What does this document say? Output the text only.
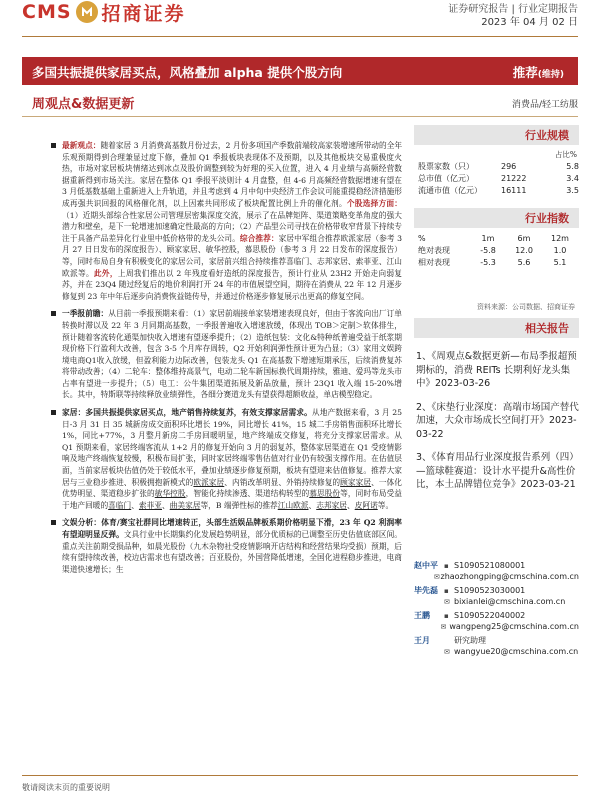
CMS 招商证券	证券研究报告 | 行业定期报告
2023 年 04 月 02 日
多国共振提供家居买点，风格叠加 alpha 提供个股方向	推荐(维持)
周观点&数据更新	消费品/轻工纺服
最新观点：随着家居 3 月消费高基数月份过去，2 月份多项国产季数前端较高家装增速所带动的全年乐观预期得到合理兼显过度下修，叠加 Q1 季报板块表现体不及预期，以及其他板块交易重极度火热，市场对家居板块情绪达到冰点及股价调整到较为好理的买入位置，进入 4 月业绩与高频经营数据重新得到市场关注。家居在整体 Q1 季报平淡则计 4 月盘整，但 4-6 月高频经营数据增速有望在 3 月低基数基础上重新进入上升轨道，并且考虑到 4 月中旬中央经济工作会议可能重提稳经济措施形成再强共识回报的风格催化剂，以上因素共同形成了板块配置比例上升的催化剂。个股选择方面：（1）近期头部综合性家居公司管理层密集深度交流，展示了在品牌矩阵、渠道策略变革角度的强大潜力和壁垒，是下一轮增速加速确定性最高的方向；（2）产品型公司寻找在价格带收窄背景下持续专注于具备产品差异化行业里中低价格带的龙头公司。综合推荐：家居中军组合推荐欧派家居（参考 3 月 27 日日发布的深度报告）、顾家家居、敏华控股，慕思股份（参考 3 月 22 日发布的深度报告）等，同时布局自身有积极变化的家居公司，家居前兴组合持续推荐喜临门、志邦家居、索菲亚、江山欧派等。此外，上周我们推出以 2 年残度看好造纸的深度报告，预计行业从 23H2 开始走向弱复苏，并在 23Q4 随过经复后的地价利润打开 24 年的市值展望空间，期待在消费从 22 年 12 月逐步修复到 23 年中年后逐步向消费恢益链传导，并通过价格逐步修复展示出更高的修复空间。
一季报前瞻：从目前一季报预期来看：（1）家居前端接单家装增速表现良好，但由于客流向出厂订单转换时滞以及 22 年 3 月同期高基数，一季报普遍收入增速放缓，体现出 TOB＞定制＞软体排生，预计随着客流转化通渠加快收入增速有望逐季提升；（2）造纸包装：文化&特种纸普遍受益于纸浆期现价格下行盈利大改善，包含 3-5 个月库存周转，Q2 开始利润弹性预计更为凸显；（3）家用文娱跨境电商Q1收入放缓，但盈利能力边际改善，包装龙头 Q1 在高基数下增速短期承压，后续消费复苏将带动改善；（4）二轮车：整体维持高景气，电动二轮车新国标换代周期持续，雅迪、爱玛等龙头市占率有望进一步提升；（5）电工：公牛集团渠道拓展及新品放量，预计 23Q1 收入端 15-20%增长。其中，特斯联等持续释放业绩弹性，各细分赛道龙头有望获得超额收益，单店模型稳定。
家居：多国共振提供家居买点，地产销售持续复苏，有效支撑家居需求。从地产数据来看，3 月 25 日-3 月 31 日 35 城新房成交面积环比增长 19%，同比增长 41%，15 城二手房销售面积环比增长 1%，同比+77%，3 月整月新房二手房回暖明显，地产终端成交修复，将充分支撑家居需求。从 Q1 预期来看，家居终端客流从 1+2 月的修复开始向 3 月的弱复苏，整体家居渠道在 Q1 受疫情影响及地产终端恢复较慢，积极布局扩张，同时家居终端零售估值对行业仍有较强支撑作用。在估值层面，当前家居板块估值仍处于较低水平，叠加业绩逐步修复预期，板块有望迎来估值修复。推荐大家居与三业稳步推进、积极拥抱新模式的欧派家居、内销改革明显、外销持续修复的顾家家居、一体化优势明显、渠道稳步扩张的敏华控股，智能化持续渗透、渠道结构转型的慕思股份等，同时布局受益于地产回暖的喜临门、索菲亚、曲美家居等，B 端弹性标的推荐江山欧派、志邦家居、皮阿诺等。
文娱分析：体育/赛宝社群同比增速转正，头部生活娱品牌板系期价格明显下滑，23 年 Q2 利润率有望迎明显反弹。文具行业中长期集约化发展趋势明显，部分优质标的已调整至历史估值底部区间。重点关注前期受损品种，如晨光股份（九木杂物社受疫情影响开店结构和经营结果均受损）预期，后续有望持续改善，校边店需求也有望改善；百亚股份，外国营降低增速，全国化进程稳步推进，电商渠道快速增长；生
行业规模
占比%
股票家数（只）	296	5.8
总市值（亿元）	21222	3.4
流通市值（亿元）	16111	3.5
行业指数
%	1m	6m	12m
绝对表现	-5.8	12.0	1.0
相对表现	-5.3	5.6	5.1
资料来源：公司数据、招商证券
相关报告
1、《周观点&数据更新—布局季报超预期标的，消费 REITs 长期利好龙头集中》2023-03-26
2、《床垫行业深度：高端市场国产替代加速，大众市场成长空间打开》2023-03-22
3、《体育用品行业深度报告系列（四）—篮球鞋赛道：设计水平提升&高性价比，本土品牌错位竞争》2023-03-21
赵中平 ▪ S1090521080001
✉ zhaozhongping@cmschina.com.cn
毕先磊 ▪ S1090523030001
✉ bixianlei@cmschina.com.cn
王鹏	▪ S1090522040002
✉ wangpeng25@cmschina.com.cn
王月	研究助理
✉ wangyue20@cmschina.com.cn
敬请阅读末页的重要说明
